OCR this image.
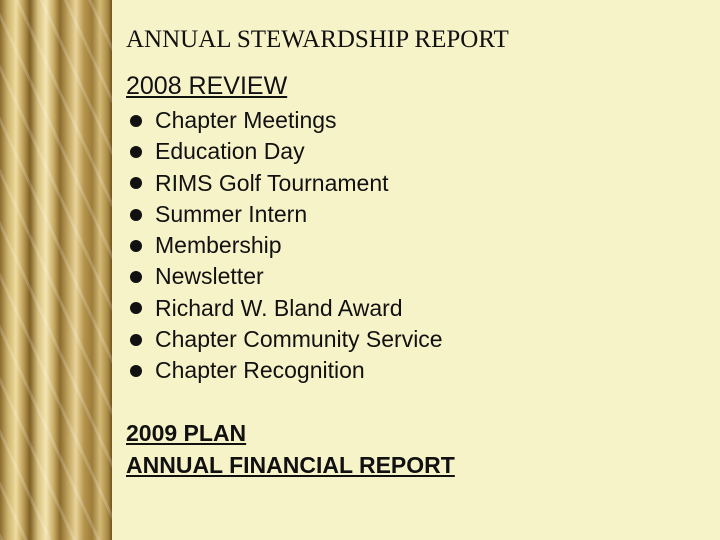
ANNUAL STEWARDSHIP REPORT
2008 REVIEW
Chapter Meetings
Education Day
RIMS Golf Tournament
Summer Intern
Membership
Newsletter
Richard W. Bland Award
Chapter Community Service
Chapter Recognition
2009 PLAN
ANNUAL FINANCIAL REPORT
